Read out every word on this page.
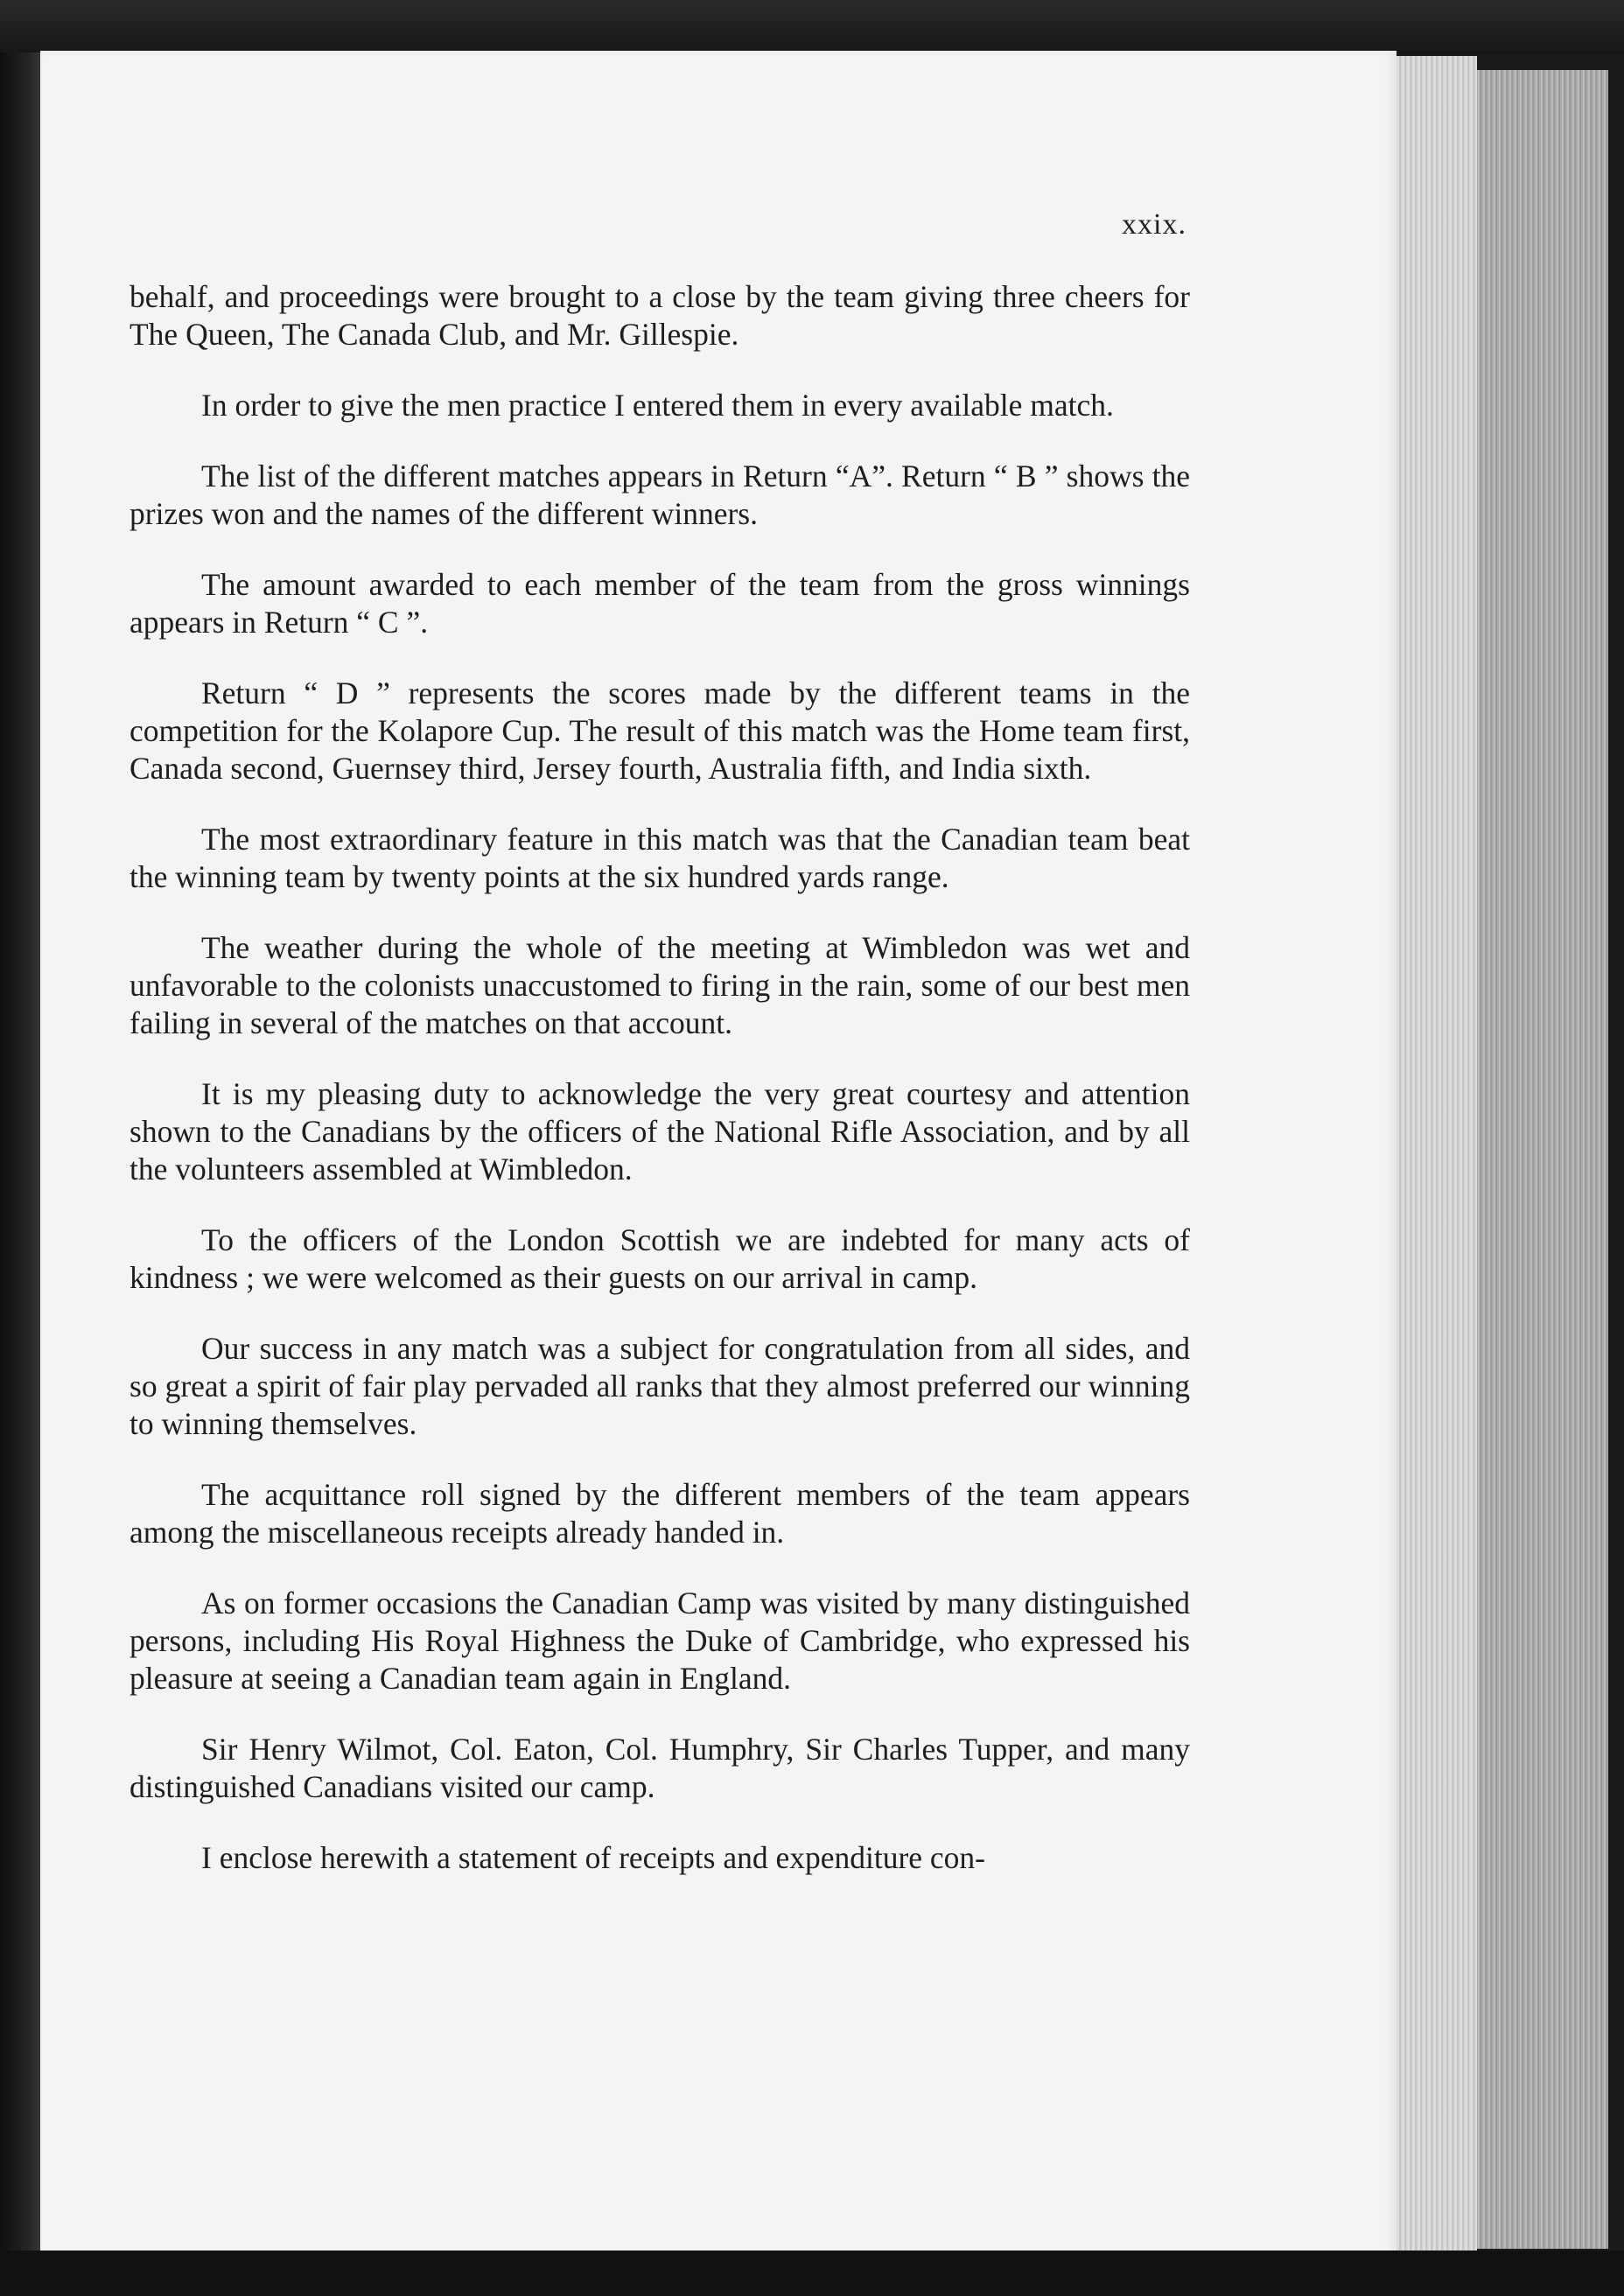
xxix.

behalf, and proceedings were brought to a close by the team giving three cheers for The Queen, The Canada Club, and Mr. Gillespie.

In order to give the men practice I entered them in every available match.

The list of the different matches appears in Return “A”. Return “ B ” shows the prizes won and the names of the different winners.

The amount awarded to each member of the team from the gross winnings appears in Return “ C ”.

Return “ D ” represents the scores made by the different teams in the competition for the Kolapore Cup. The result of this match was the Home team first, Canada second, Guernsey third, Jersey fourth, Australia fifth, and India sixth.

The most extraordinary feature in this match was that the Canadian team beat the winning team by twenty points at the six hundred yards range.

The weather during the whole of the meeting at Wimbledon was wet and unfavorable to the colonists unaccustomed to firing in the rain, some of our best men failing in several of the matches on that account.

It is my pleasing duty to acknowledge the very great courtesy and attention shown to the Canadians by the officers of the National Rifle Association, and by all the volunteers assembled at Wimbledon.

To the officers of the London Scottish we are indebted for many acts of kindness ; we were welcomed as their guests on our arrival in camp.

Our success in any match was a subject for congratulation from all sides, and so great a spirit of fair play pervaded all ranks that they almost preferred our winning to winning themselves.

The acquittance roll signed by the different members of the team appears among the miscellaneous receipts already handed in.

As on former occasions the Canadian Camp was visited by many distinguished persons, including His Royal Highness the Duke of Cambridge, who expressed his pleasure at seeing a Canadian team again in England.

Sir Henry Wilmot, Col. Eaton, Col. Humphry, Sir Charles Tupper, and many distinguished Canadians visited our camp.

I enclose herewith a statement of receipts and expenditure con-
